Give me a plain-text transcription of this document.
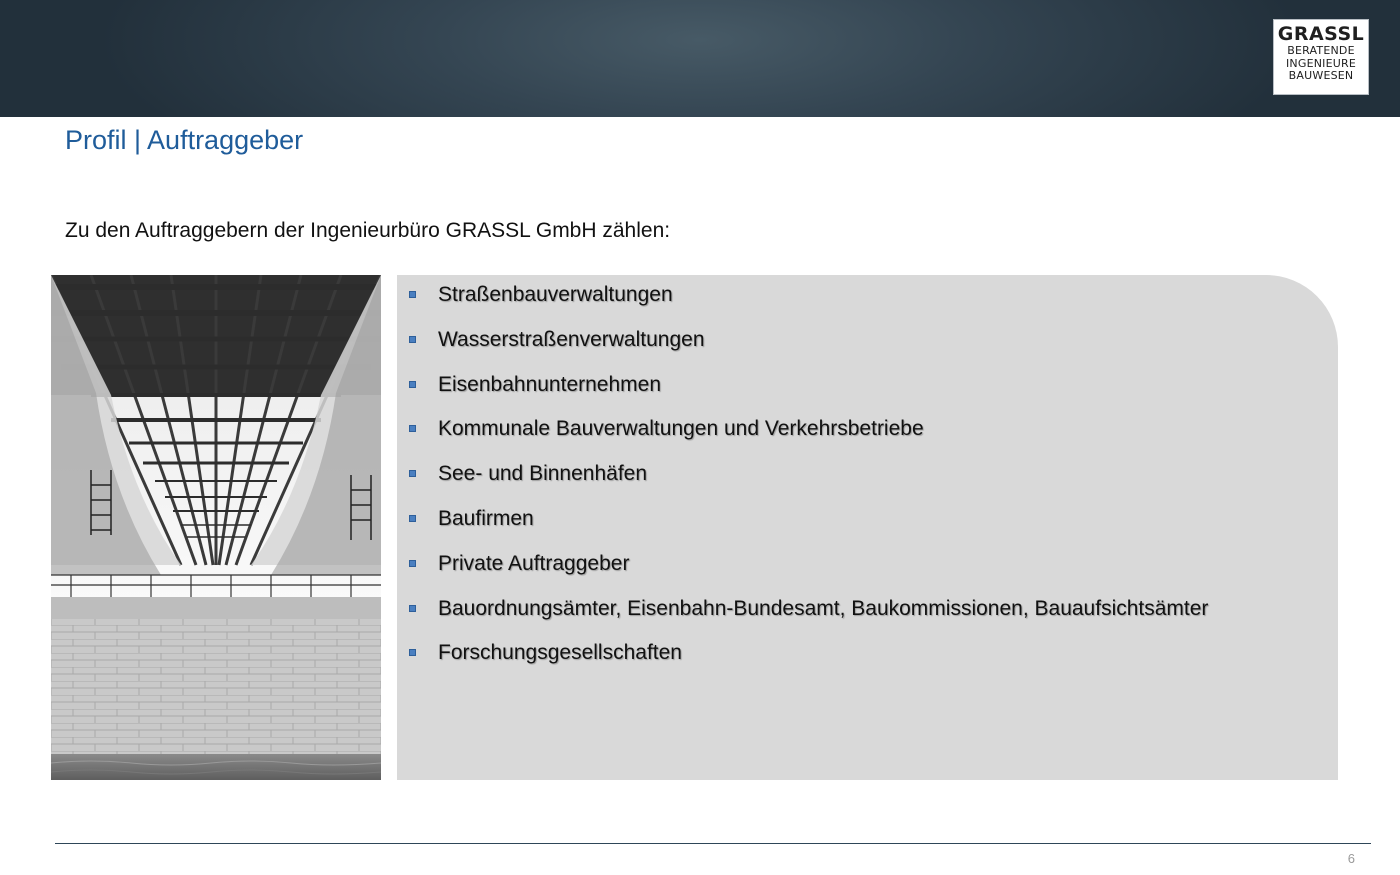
GRASSL
BERATENDE
INGENIEURE
BAUWESEN
Profil | Auftraggeber

Zu den Auftraggebern der Ingenieurbüro GRASSL GmbH zählen:

Straßenbauverwaltungen
Wasserstraßenverwaltungen
Eisenbahnunternehmen
Kommunale Bauverwaltungen und Verkehrsbetriebe
See- und Binnenhäfen
Baufirmen
Private Auftraggeber
Bauordnungsämter, Eisenbahn-Bundesamt, Baukommissionen, Bauaufsichtsämter
Forschungsgesellschaften
6
